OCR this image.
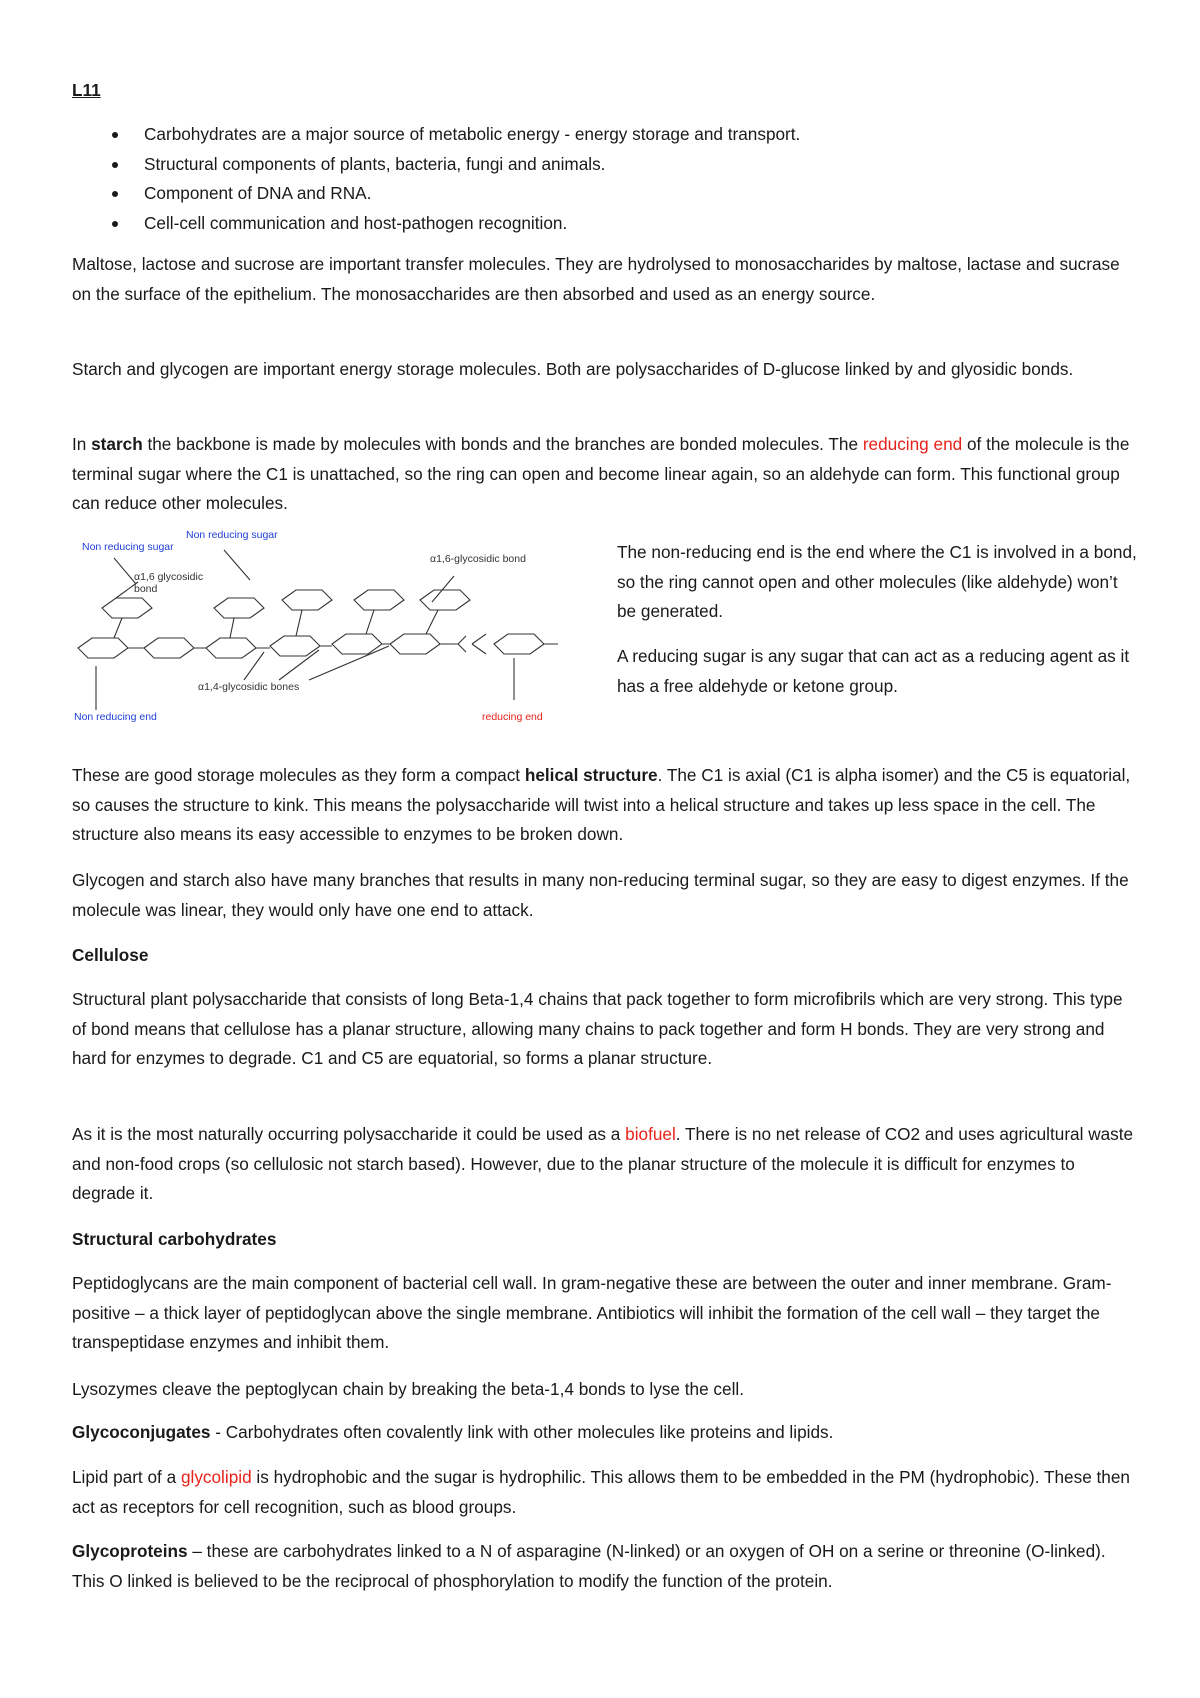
L11

Carbohydrates are a major source of metabolic energy - energy storage and transport.
Structural components of plants, bacteria, fungi and animals.
Component of DNA and RNA.
Cell-cell communication and host-pathogen recognition.

Maltose, lactose and sucrose are important transfer molecules. They are hydrolysed to monosaccharides by maltose, lactase and sucrase on the surface of the epithelium. The monosaccharides are then absorbed and used as an energy source.

Starch and glycogen are important energy storage molecules. Both are polysaccharides of D-glucose linked by and glyosidic bonds.

In starch the backbone is made by molecules with bonds and the branches are bonded molecules. The reducing end of the molecule is the terminal sugar where the C1 is unattached, so the ring can open and become linear again, so an aldehyde can form. This functional group can reduce other molecules.

Non reducing sugar
Non reducing sugar
α1,6-glycosidic bond
α1,6 glycosidic
bond
α1,4-glycosidic bones
Non reducing end	reducing end

The non-reducing end is the end where the C1 is involved in a bond, so the ring cannot open and other molecules (like aldehyde) won’t be generated.

A reducing sugar is any sugar that can act as a reducing agent as it has a free aldehyde or ketone group.

These are good storage molecules as they form a compact helical structure. The C1 is axial (C1 is alpha isomer) and the C5 is equatorial, so causes the structure to kink. This means the polysaccharide will twist into a helical structure and takes up less space in the cell. The structure also means its easy accessible to enzymes to be broken down.

Glycogen and starch also have many branches that results in many non-reducing terminal sugar, so they are easy to digest enzymes. If the molecule was linear, they would only have one end to attack.

Cellulose

Structural plant polysaccharide that consists of long Beta-1,4 chains that pack together to form microfibrils which are very strong. This type of bond means that cellulose has a planar structure, allowing many chains to pack together and form H bonds. They are very strong and hard for enzymes to degrade. C1 and C5 are equatorial, so forms a planar structure.

As it is the most naturally occurring polysaccharide it could be used as a biofuel. There is no net release of CO2 and uses agricultural waste and non-food crops (so cellulosic not starch based). However, due to the planar structure of the molecule it is difficult for enzymes to degrade it.

Structural carbohydrates

Peptidoglycans are the main component of bacterial cell wall. In gram-negative these are between the outer and inner membrane. Gram-positive – a thick layer of peptidoglycan above the single membrane. Antibiotics will inhibit the formation of the cell wall – they target the transpeptidase enzymes and inhibit them.

Lysozymes cleave the peptoglycan chain by breaking the beta-1,4 bonds to lyse the cell.

Glycoconjugates - Carbohydrates often covalently link with other molecules like proteins and lipids.

Lipid part of a glycolipid is hydrophobic and the sugar is hydrophilic. This allows them to be embedded in the PM (hydrophobic). These then act as receptors for cell recognition, such as blood groups.

Glycoproteins – these are carbohydrates linked to a N of asparagine (N-linked) or an oxygen of OH on a serine or threonine (O-linked). This O linked is believed to be the reciprocal of phosphorylation to modify the function of the protein.
